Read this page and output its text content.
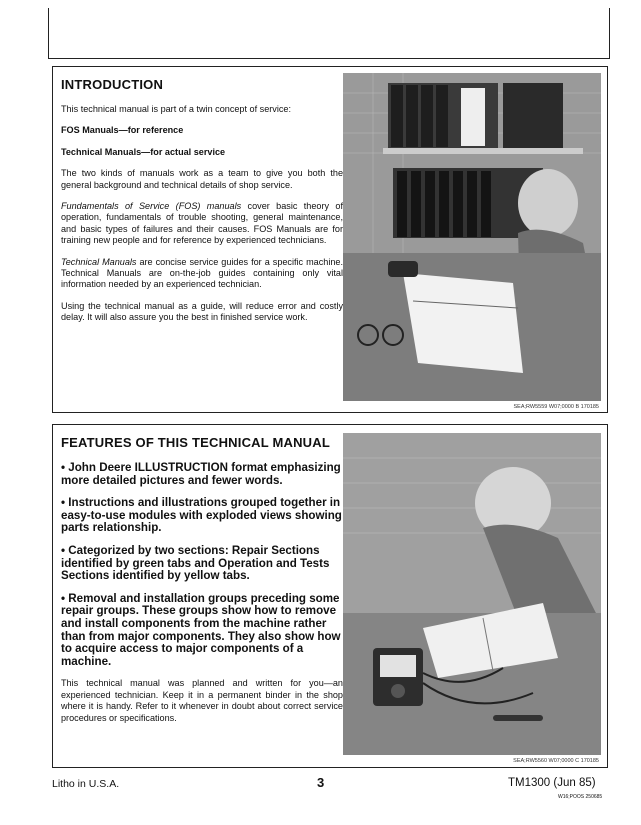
INTRODUCTION
This technical manual is part of a twin concept of service:
FOS Manuals—for reference
Technical Manuals—for actual service
The two kinds of manuals work as a team to give you both the general background and technical details of shop service.
Fundamentals of Service (FOS) manuals cover basic theory of operation, fundamentals of trouble shooting, general maintenance, and basic types of failures and their causes. FOS Manuals are for training new people and for reference by experienced technicians.
Technical Manuals are concise service guides for a specific machine. Technical Manuals are on-the-job guides containing only vital information needed by an experienced technician.
Using the technical manual as a guide, will reduce error and costly delay. It will also assure you the best in finished service work.
SEA;RW5559 W07;0000 B 170185
FEATURES OF THIS TECHNICAL MANUAL
• John Deere ILLUSTRUCTION format emphasizing more detailed pictures and fewer words.
• Instructions and illustrations grouped together in easy-to-use modules with exploded views showing parts relationship.
• Categorized by two sections: Repair Sections identified by green tabs and Operation and Tests Sections identified by yellow tabs.
• Removal and installation groups preceding some repair groups. These groups show how to remove and install components from the machine rather than from major components. They also show how to acquire access to major components of a machine.
This technical manual was planned and written for you—an experienced technician. Keep it in a permanent binder in the shop where it is handy. Refer to it whenever in doubt about correct service procedures or specifications.
SEA;RW5560 W07;0000 C 170185
Litho in U.S.A.	3	TM1300 (Jun 85)
W16;POOS 250685
